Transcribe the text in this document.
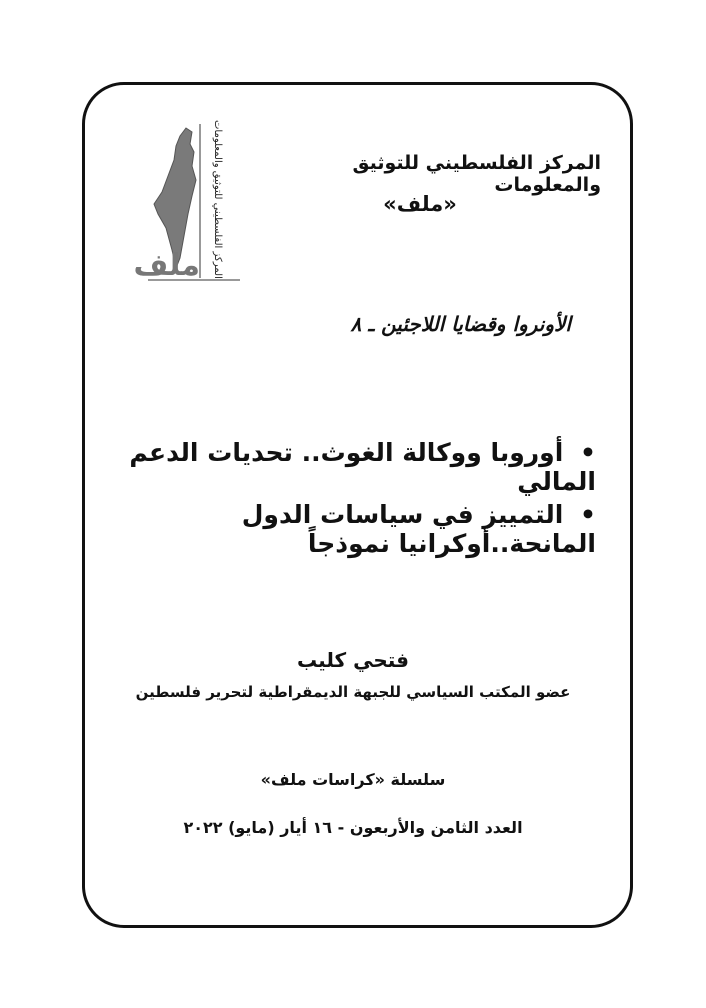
المركز الفلسطيني للتوثيق والمعلومات
ملف
المركز الفلسطيني للتوثيق والمعلومات
«ملف»
الأونروا وقضايا اللاجئين ـ ٨
• أوروبا ووكالة الغوث.. تحديات الدعم المالي
• التمييز في سياسات الدول المانحة..أوكرانيا نموذجاً
فتحي كليب
عضو المكتب السياسي للجبهة الديمقراطية لتحرير فلسطين
سلسلة «كراسات ملف»
العدد الثامن والأربعون - ١٦ أيار (مايو) ٢٠٢٢
